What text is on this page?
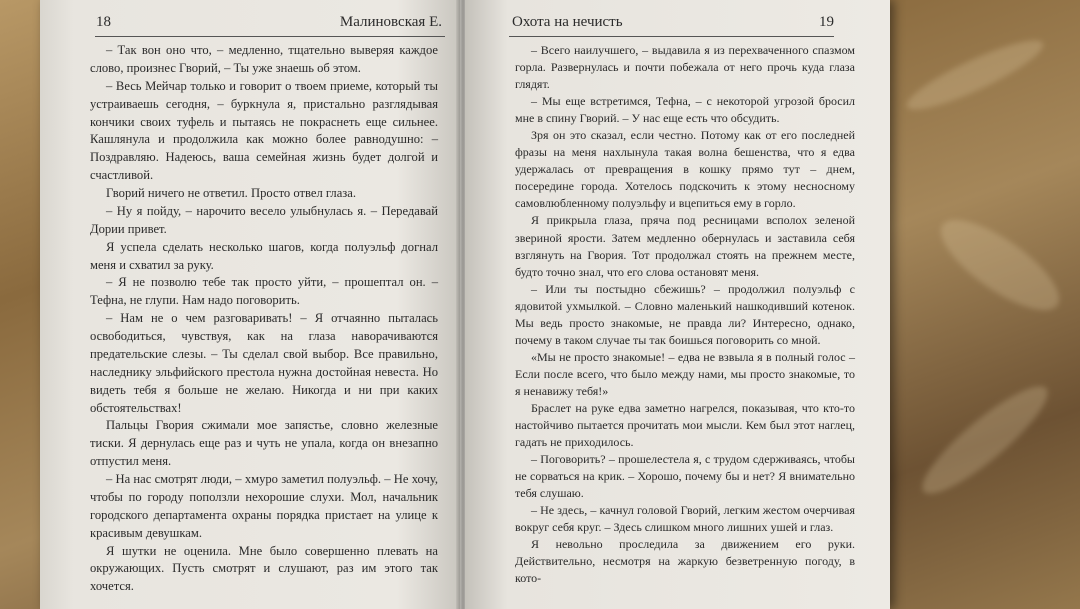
18	Малиновская Е.

– Так вон оно что, – медленно, тщательно выверяя каждое слово, произнес Гворий, – Ты уже знаешь об этом.

– Весь Мейчар только и говорит о твоем приеме, который ты устраиваешь сегодня, – буркнула я, пристально разглядывая кончики своих туфель и пытаясь не покраснеть еще сильнее. Кашлянула и продолжила как можно более равнодушно: – Поздравляю. Надеюсь, ваша семейная жизнь будет долгой и счастливой.

Гворий ничего не ответил. Просто отвел глаза.

– Ну я пойду, – нарочито весело улыбнулась я. – Передавай Дории привет.

Я успела сделать несколько шагов, когда полуэльф догнал меня и схватил за руку.

– Я не позволю тебе так просто уйти, – прошептал он. – Тефна, не глупи. Нам надо поговорить.

– Нам не о чем разговаривать! – Я отчаянно пыталась освободиться, чувствуя, как на глаза наворачиваются предательские слезы. – Ты сделал свой выбор. Все правильно, наследнику эльфийского престола нужна достойная невеста. Но видеть тебя я больше не желаю. Никогда и ни при каких обстоятельствах!

Пальцы Гвория сжимали мое запястье, словно железные тиски. Я дернулась еще раз и чуть не упала, когда он внезапно отпустил меня.

– На нас смотрят люди, – хмуро заметил полуэльф. – Не хочу, чтобы по городу поползли нехорошие слухи. Мол, начальник городского департамента охраны порядка пристает на улице к красивым девушкам.

Я шутки не оценила. Мне было совершенно плевать на окружающих. Пусть смотрят и слушают, раз им этого так хочется.

Охота на нечисть	19

– Всего наилучшего, – выдавила я из перехваченного спазмом горла. Развернулась и почти побежала от него прочь куда глаза глядят.

– Мы еще встретимся, Тефна, – с некоторой угрозой бросил мне в спину Гворий. – У нас еще есть что обсудить.

Зря он это сказал, если честно. Потому как от его последней фразы на меня нахлынула такая волна бешенства, что я едва удержалась от превращения в кошку прямо тут – днем, посередине города. Хотелось подскочить к этому несносному самовлюбленному полуэльфу и вцепиться ему в горло.

Я прикрыла глаза, пряча под ресницами всполох зеленой звериной ярости. Затем медленно обернулась и заставила себя взглянуть на Гвория. Тот продолжал стоять на прежнем месте, будто точно знал, что его слова остановят меня.

– Или ты постыдно сбежишь? – продолжил полуэльф с ядовитой ухмылкой. – Словно маленький нашкодивший котенок. Мы ведь просто знакомые, не правда ли? Интересно, однако, почему в таком случае ты так боишься поговорить со мной.

«Мы не просто знакомые! – едва не взвыла я в полный голос – Если после всего, что было между нами, мы просто знакомые, то я ненавижу тебя!»

Браслет на руке едва заметно нагрелся, показывая, что кто-то настойчиво пытается прочитать мои мысли. Кем был этот наглец, гадать не приходилось.

– Поговорить? – прошелестела я, с трудом сдерживаясь, чтобы не сорваться на крик. – Хорошо, почему бы и нет? Я внимательно тебя слушаю.

– Не здесь, – качнул головой Гворий, легким жестом очерчивая вокруг себя круг. – Здесь слишком много лишних ушей и глаз.

Я невольно проследила за движением его руки. Действительно, несмотря на жаркую безветренную погоду, в кото-
